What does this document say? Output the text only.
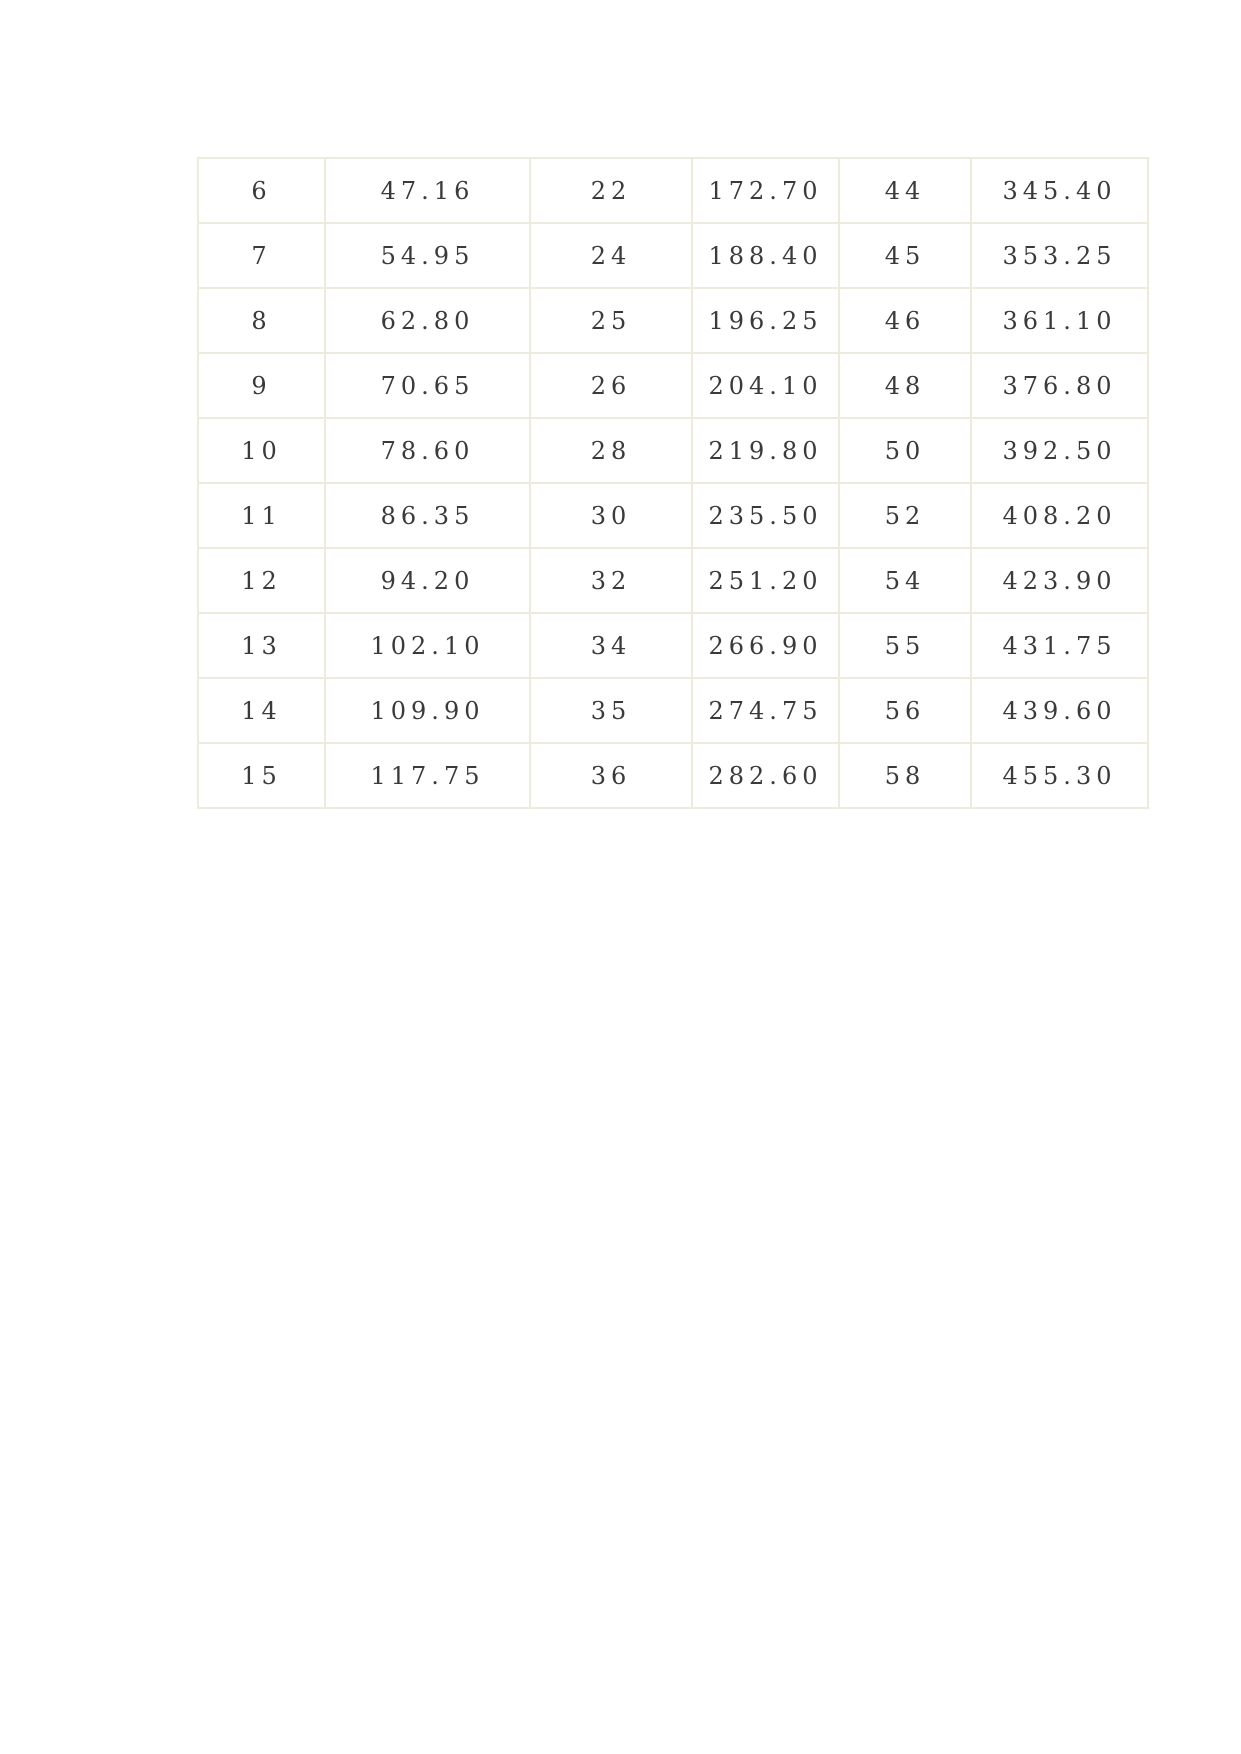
6	47.16	22	172.70	44	345.40
7	54.95	24	188.40	45	353.25
8	62.80	25	196.25	46	361.10
9	70.65	26	204.10	48	376.80
10	78.60	28	219.80	50	392.50
11	86.35	30	235.50	52	408.20
12	94.20	32	251.20	54	423.90
13	102.10	34	266.90	55	431.75
14	109.90	35	274.75	56	439.60
15	117.75	36	282.60	58	455.30
